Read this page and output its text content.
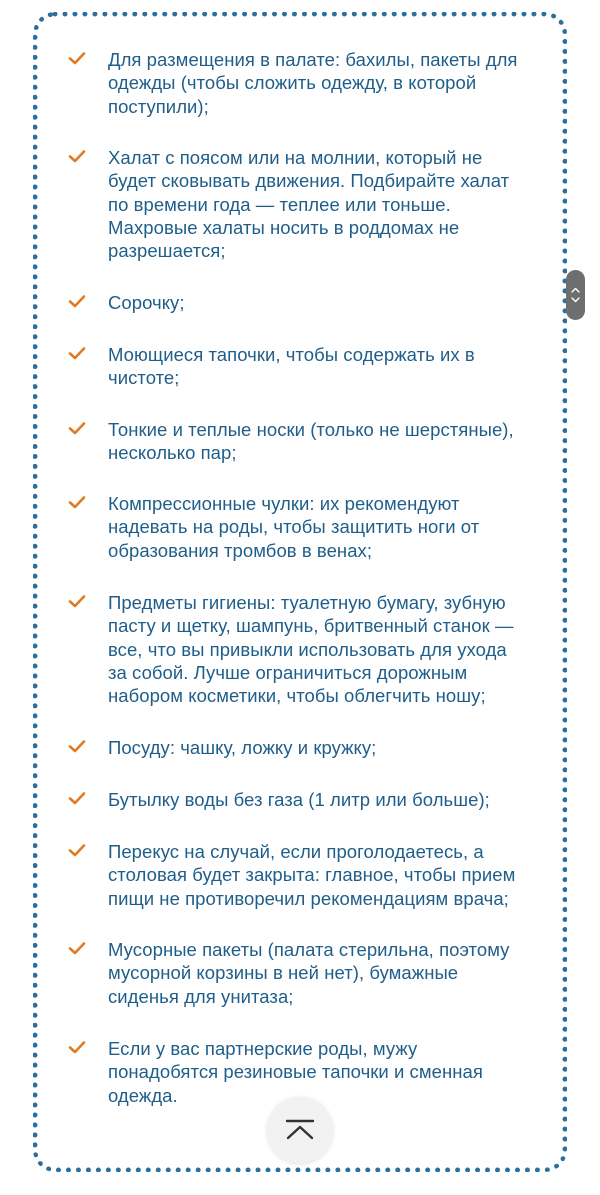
Для размещения в палате: бахилы, пакеты для
одежды (чтобы сложить одежду, в которой
поступили);
Халат с поясом или на молнии, который не
будет сковывать движения. Подбирайте халат
по времени года — теплее или тоньше.
Махровые халаты носить в роддомах не
разрешается;
Сорочку;
Моющиеся тапочки, чтобы содержать их в
чистоте;
Тонкие и теплые носки (только не шерстяные),
несколько пар;
Компрессионные чулки: их рекомендуют
надевать на роды, чтобы защитить ноги от
образования тромбов в венах;
Предметы гигиены: туалетную бумагу, зубную
пасту и щетку, шампунь, бритвенный станок —
все, что вы привыкли использовать для ухода
за собой. Лучше ограничиться дорожным
набором косметики, чтобы облегчить ношу;
Посуду: чашку, ложку и кружку;
Бутылку воды без газа (1 литр или больше);
Перекус на случай, если проголодаетесь, а
столовая будет закрыта: главное, чтобы прием
пищи не противоречил рекомендациям врача;
Мусорные пакеты (палата стерильна, поэтому
мусорной корзины в ней нет), бумажные
сиденья для унитаза;
Если у вас партнерские роды, мужу
понадобятся резиновые тапочки и сменная
одежда.
